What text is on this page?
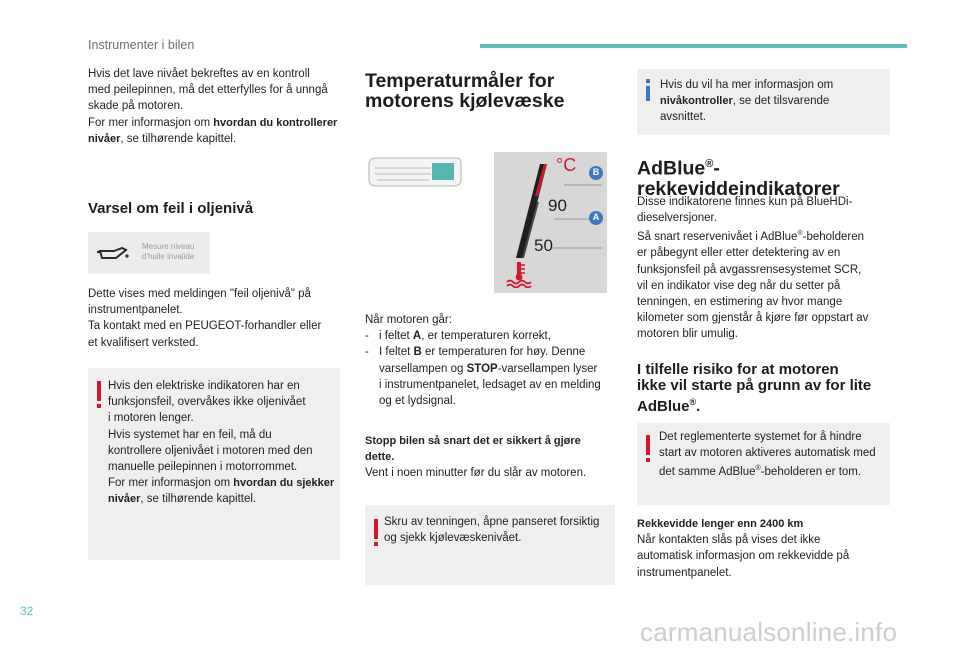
Instrumenter i bilen

Hvis det lave nivået bekreftes av en kontroll

med peilepinnen, må det etterfylles for å unngå

skade på motoren.

For mer informasjon om hvordan du kontrollerer nivåer, se tilhørende kapittel.

Varsel om feil i oljenivå
Mesure niveau d'huile invalide

Dette vises med meldingen "feil oljenivå" på

instrumentpanelet.

Ta kontakt med en PEUGEOT-forhandler eller

et kvalifisert verksted.

Hvis den elektriske indikatoren har en

funksjonsfeil, overvåkes ikke oljenivået

i motoren lenger.

Hvis systemet har en feil, må du

kontrollere oljenivået i motoren med den

manuelle peilepinnen i motorrommet.

For mer informasjon om hvordan du sjekker nivåer, se tilhørende kapittel.

Temperaturmåler for
motorens kjølevæske
°C	B
A
90
50

Når motoren går:

- i feltet A, er temperaturen korrekt,
- I feltet B er temperaturen for høy. Denne
varsellampen og STOP-varsellampen lyser
i instrumentpanelet, ledsaget av en melding
og et lydsignal.

Stopp bilen så snart det er sikkert å gjøre

dette.

Vent i noen minutter før du slår av motoren.

Skru av tenningen, åpne panseret forsiktig

og sjekk kjølevæskenivået.

Hvis du vil ha mer informasjon om

nivåkontroller, se det tilsvarende

avsnittet.

AdBlue®-
rekkeviddeindikatorer

Disse indikatorene finnes kun på BlueHDi-

dieselversjoner.

Så snart reservenivået i AdBlue®-beholderen

er påbegynt eller etter detektering av en

funksjonsfeil på avgassrensesystemet SCR,

vil en indikator vise deg når du setter på

tenningen, en estimering av hvor mange

kilometer som gjenstår å kjøre før oppstart av

motoren blir umulig.

I tilfelle risiko for at motoren
ikke vil starte på grunn av for lite
AdBlue®.

Det reglementerte systemet for å hindre

start av motoren aktiveres automatisk med

det samme AdBlue®-beholderen er tom.

Rekkevidde lenger enn 2400 km

Når kontakten slås på vises det ikke

automatisk informasjon om rekkevidde på

instrumentpanelet.

32
carmanualsonline.info
